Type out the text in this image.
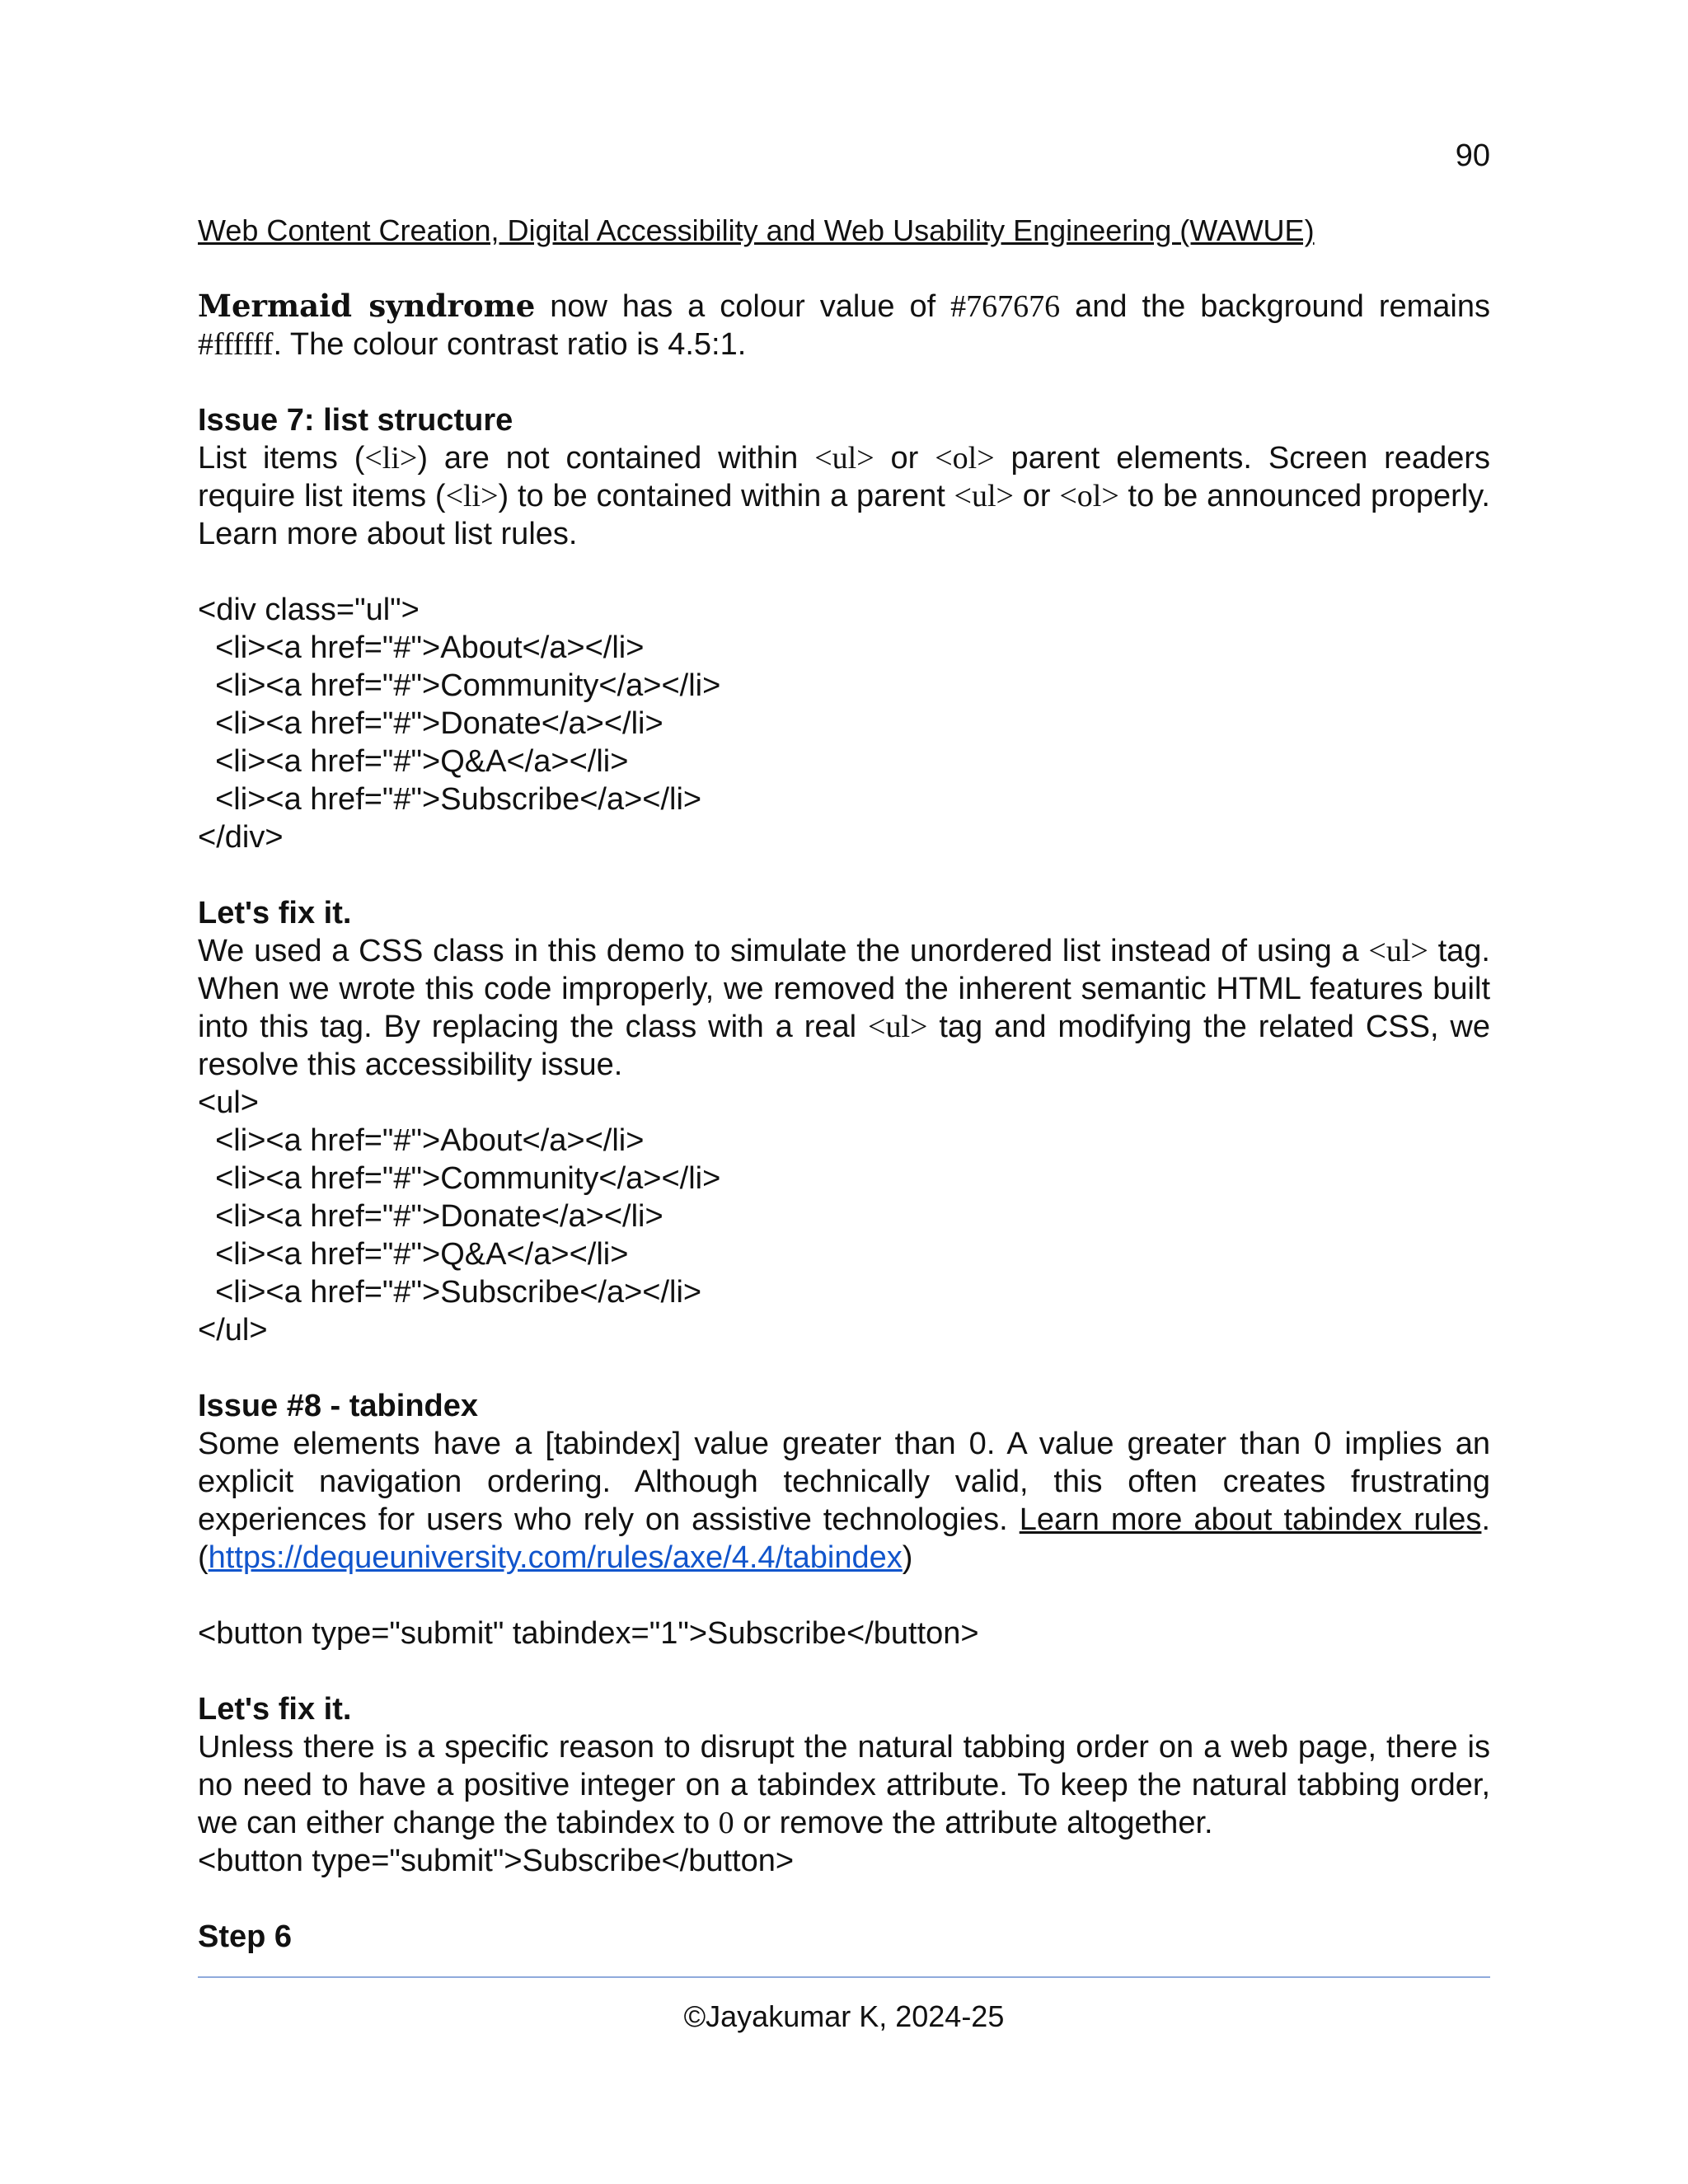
90
Web Content Creation, Digital Accessibility and Web Usability Engineering (WAWUE)

Mermaid syndrome now has a colour value of #767676 and the background remains #ffffff. The colour contrast ratio is 4.5:1.

Issue 7: list structure

List items (<li>) are not contained within <ul> or <ol> parent elements. Screen readers require list items (<li>) to be contained within a parent <ul> or <ol> to be announced properly. Learn more about list rules.

<div class="ul">
<li><a href="#">About</a></li>
<li><a href="#">Community</a></li>
<li><a href="#">Donate</a></li>
<li><a href="#">Q&A</a></li>
<li><a href="#">Subscribe</a></li>
</div>

Let's fix it.

We used a CSS class in this demo to simulate the unordered list instead of using a <ul> tag. When we wrote this code improperly, we removed the inherent semantic HTML features built into this tag. By replacing the class with a real <ul> tag and modifying the related CSS, we resolve this accessibility issue.

<ul>
<li><a href="#">About</a></li>
<li><a href="#">Community</a></li>
<li><a href="#">Donate</a></li>
<li><a href="#">Q&A</a></li>
<li><a href="#">Subscribe</a></li>
</ul>

Issue #8 - tabindex

Some elements have a [tabindex] value greater than 0. A value greater than 0 implies an explicit navigation ordering. Although technically valid, this often creates frustrating experiences for users who rely on assistive technologies. Learn more about tabindex rules. (https://dequeuniversity.com/rules/axe/4.4/tabindex)

<button type="submit" tabindex="1">Subscribe</button>

Let's fix it.

Unless there is a specific reason to disrupt the natural tabbing order on a web page, there is no need to have a positive integer on a tabindex attribute. To keep the natural tabbing order, we can either change the tabindex to 0 or remove the attribute altogether.

<button type="submit">Subscribe</button>

Step 6

©Jayakumar K, 2024-25
